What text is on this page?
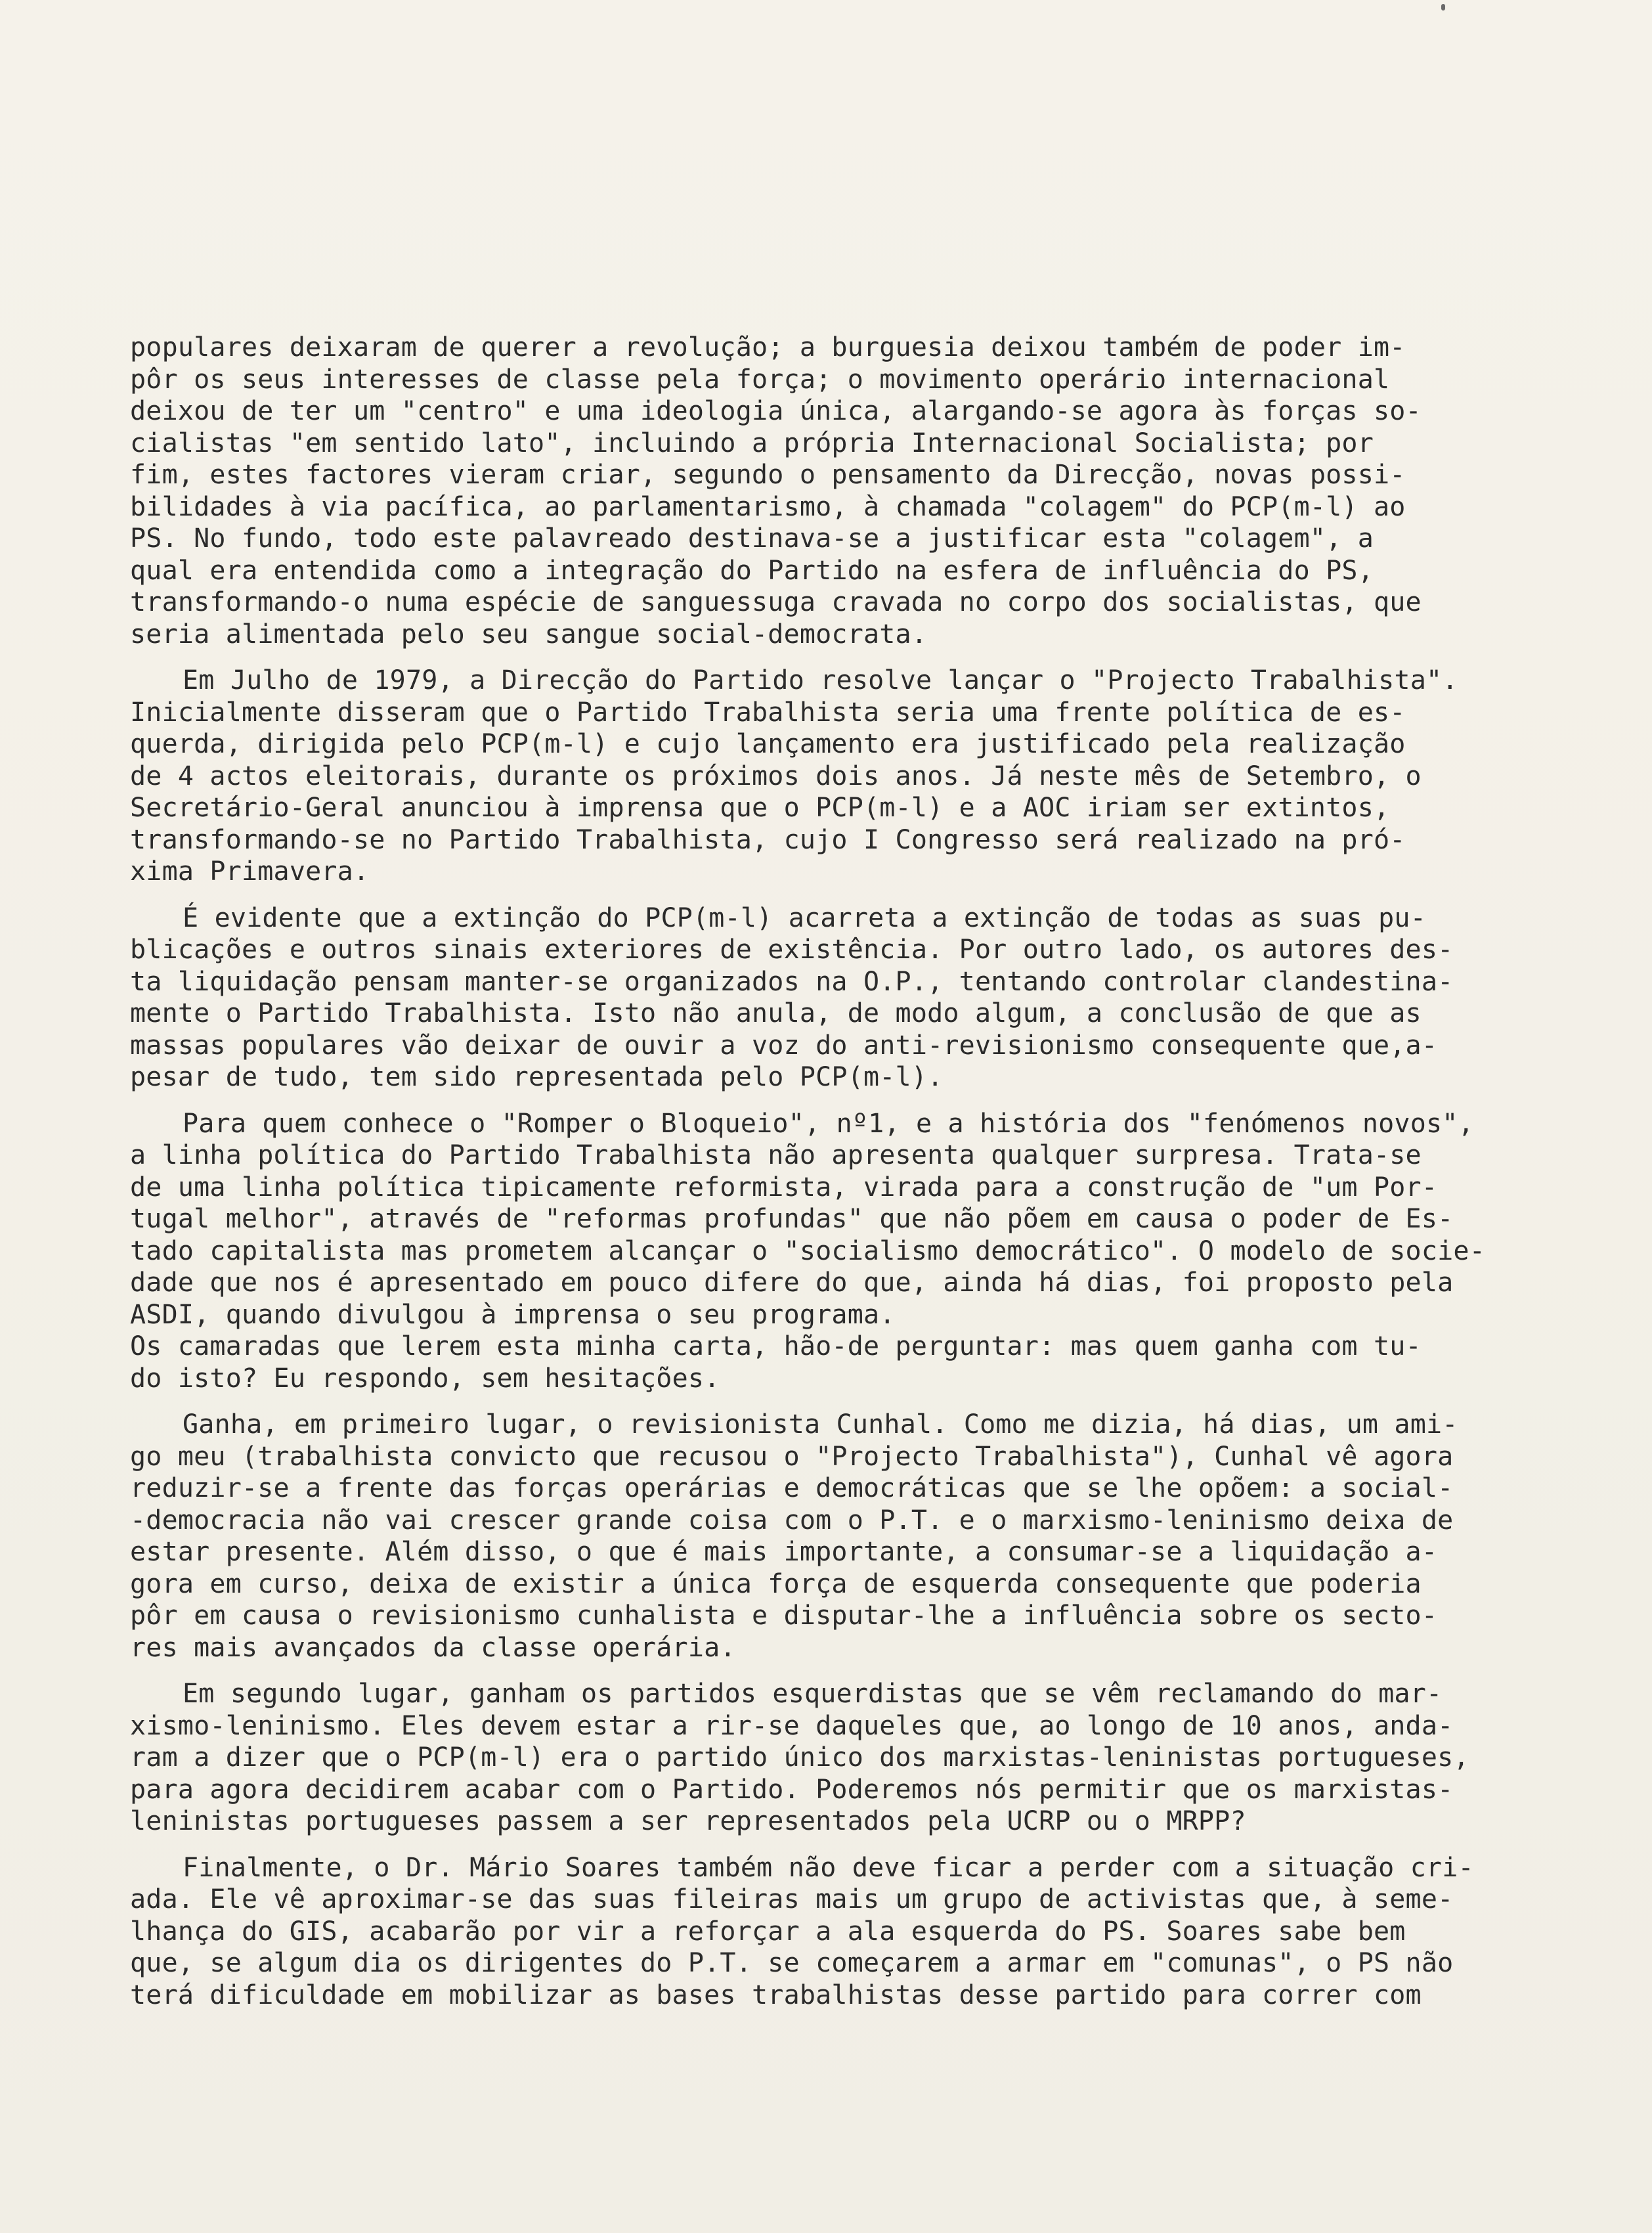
populares deixaram de querer a revolução; a burguesia deixou também de poder im-
pôr os seus interesses de classe pela força; o movimento operário internacional
deixou de ter um "centro" e uma ideologia única, alargando-se agora às forças so-
cialistas "em sentido lato", incluindo a própria Internacional Socialista; por
fim, estes factores vieram criar, segundo o pensamento da Direcção, novas possi-
bilidades à via pacífica, ao parlamentarismo, à chamada "colagem" do PCP(m-l) ao
PS. No fundo, todo este palavreado destinava-se a justificar esta "colagem", a
qual era entendida como a integração do Partido na esfera de influência do PS,
transformando-o numa espécie de sanguessuga cravada no corpo dos socialistas, que
seria alimentada pelo seu sangue social-democrata.
Em Julho de 1979, a Direcção do Partido resolve lançar o "Projecto Trabalhista".
Inicialmente disseram que o Partido Trabalhista seria uma frente política de es-
querda, dirigida pelo PCP(m-l) e cujo lançamento era justificado pela realização
de 4 actos eleitorais, durante os próximos dois anos. Já neste mês de Setembro, o
Secretário-Geral anunciou à imprensa que o PCP(m-l) e a AOC iriam ser extintos,
transformando-se no Partido Trabalhista, cujo I Congresso será realizado na pró-
xima Primavera.
É evidente que a extinção do PCP(m-l) acarreta a extinção de todas as suas pu-
blicações e outros sinais exteriores de existência. Por outro lado, os autores des-
ta liquidação pensam manter-se organizados na O.P., tentando controlar clandestina-
mente o Partido Trabalhista. Isto não anula, de modo algum, a conclusão de que as
massas populares vão deixar de ouvir a voz do anti-revisionismo consequente que,a-
pesar de tudo, tem sido representada pelo PCP(m-l).
Para quem conhece o "Romper o Bloqueio", nº1, e a história dos "fenómenos novos",
a linha política do Partido Trabalhista não apresenta qualquer surpresa. Trata-se
de uma linha política tipicamente reformista, virada para a construção de "um Por-
tugal melhor", através de "reformas profundas" que não põem em causa o poder de Es-
tado capitalista mas prometem alcançar o "socialismo democrático". O modelo de socie-
dade que nos é apresentado em pouco difere do que, ainda há dias, foi proposto pela
ASDI, quando divulgou à imprensa o seu programa.
Os camaradas que lerem esta minha carta, hão-de perguntar: mas quem ganha com tu-
do isto? Eu respondo, sem hesitações.
Ganha, em primeiro lugar, o revisionista Cunhal. Como me dizia, há dias, um ami-
go meu (trabalhista convicto que recusou o "Projecto Trabalhista"), Cunhal vê agora
reduzir-se a frente das forças operárias e democráticas que se lhe opõem: a social-
-democracia não vai crescer grande coisa com o P.T. e o marxismo-leninismo deixa de
estar presente. Além disso, o que é mais importante, a consumar-se a liquidação a-
gora em curso, deixa de existir a única força de esquerda consequente que poderia
pôr em causa o revisionismo cunhalista e disputar-lhe a influência sobre os secto-
res mais avançados da classe operária.
Em segundo lugar, ganham os partidos esquerdistas que se vêm reclamando do mar-
xismo-leninismo. Eles devem estar a rir-se daqueles que, ao longo de 10 anos, anda-
ram a dizer que o PCP(m-l) era o partido único dos marxistas-leninistas portugueses,
para agora decidirem acabar com o Partido. Poderemos nós permitir que os marxistas-
leninistas portugueses passem a ser representados pela UCRP ou o MRPP?
Finalmente, o Dr. Mário Soares também não deve ficar a perder com a situação cri-
ada. Ele vê aproximar-se das suas fileiras mais um grupo de activistas que, à seme-
lhança do GIS, acabarão por vir a reforçar a ala esquerda do PS. Soares sabe bem
que, se algum dia os dirigentes do P.T. se começarem a armar em "comunas", o PS não
terá dificuldade em mobilizar as bases trabalhistas desse partido para correr com
